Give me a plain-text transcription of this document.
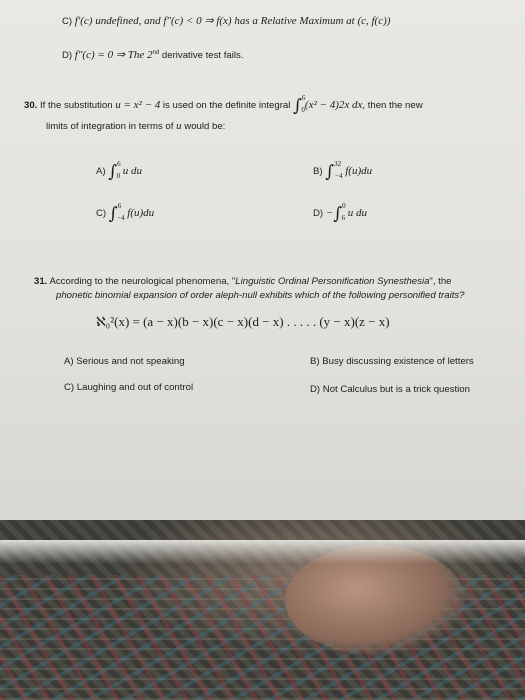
C) f′(c) undefined, and f″(c) < 0 ⇒ f(x) has a Relative Maximum at (c, f(c))
D) f″(c) = 0 ⇒ The 2nd derivative test fails.
30. If the substitution u = x² − 4 is used on the definite integral ∫$^6_0$(x² − 4)2x dx, then the new
limits of integration in terms of u would be:
A) ∫$^6_0$ u du	B) ∫$^{32}_{-4}$ f(u)du
C) ∫$^6_{-4}$ f(u)du	D) −∫$^0_6$ u du
31. According to the neurological phenomena, "Linguistic Ordinal Personification Synesthesia", the
phonetic binomial expansion of order aleph-null exhibits which of the following personified traits?
ℵ₀²(x) = (a − x)(b − x)(c − x)(d − x) . . . . . (y − x)(z − x)
A) Serious and not speaking	B) Busy discussing existence of letters
C) Laughing and out of control	D) Not Calculus but is a trick question
